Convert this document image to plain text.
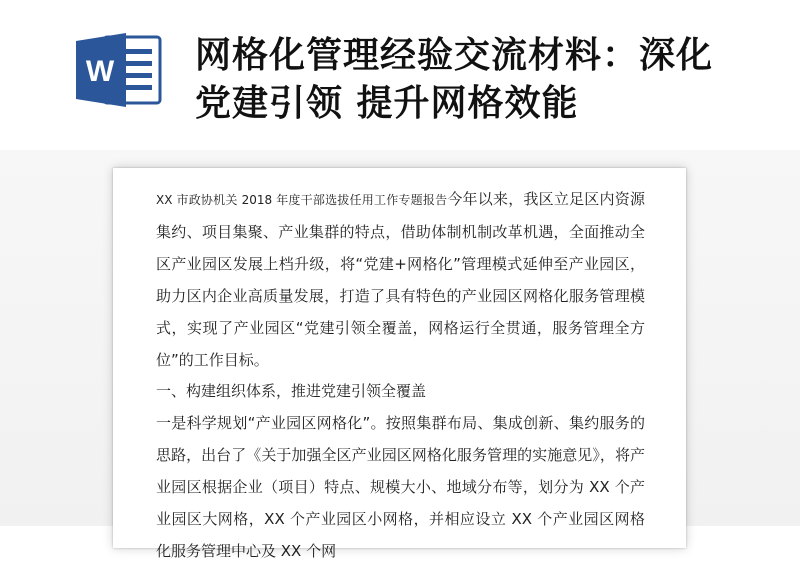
W 网格化管理经验交流材料：深化
党建引领 提升网格效能

XX 市政协机关 2018 年度干部选拔任用工作专题报告今年以来，我区立足区内资源集约、项目集聚、产业集群的特点，借助体制机制改革机遇，全面推动全区产业园区发展上档升级，将“党建+网格化”管理模式延伸至产业园区，助力区内企业高质量发展，打造了具有特色的产业园区网格化服务管理模式，实现了产业园区“党建引领全覆盖，网格运行全贯通，服务管理全方位”的工作目标。

一、构建组织体系，推进党建引领全覆盖

一是科学规划“产业园区网格化”。按照集群布局、集成创新、集约服务的思路，出台了《关于加强全区产业园区网格化服务管理的实施意见》，将产业园区根据企业（项目）特点、规模大小、地域分布等，划分为 XX 个产业园区大网格，XX 个产业园区小网格，并相应设立 XX 个产业园区网格化服务管理中心及 XX 个网
